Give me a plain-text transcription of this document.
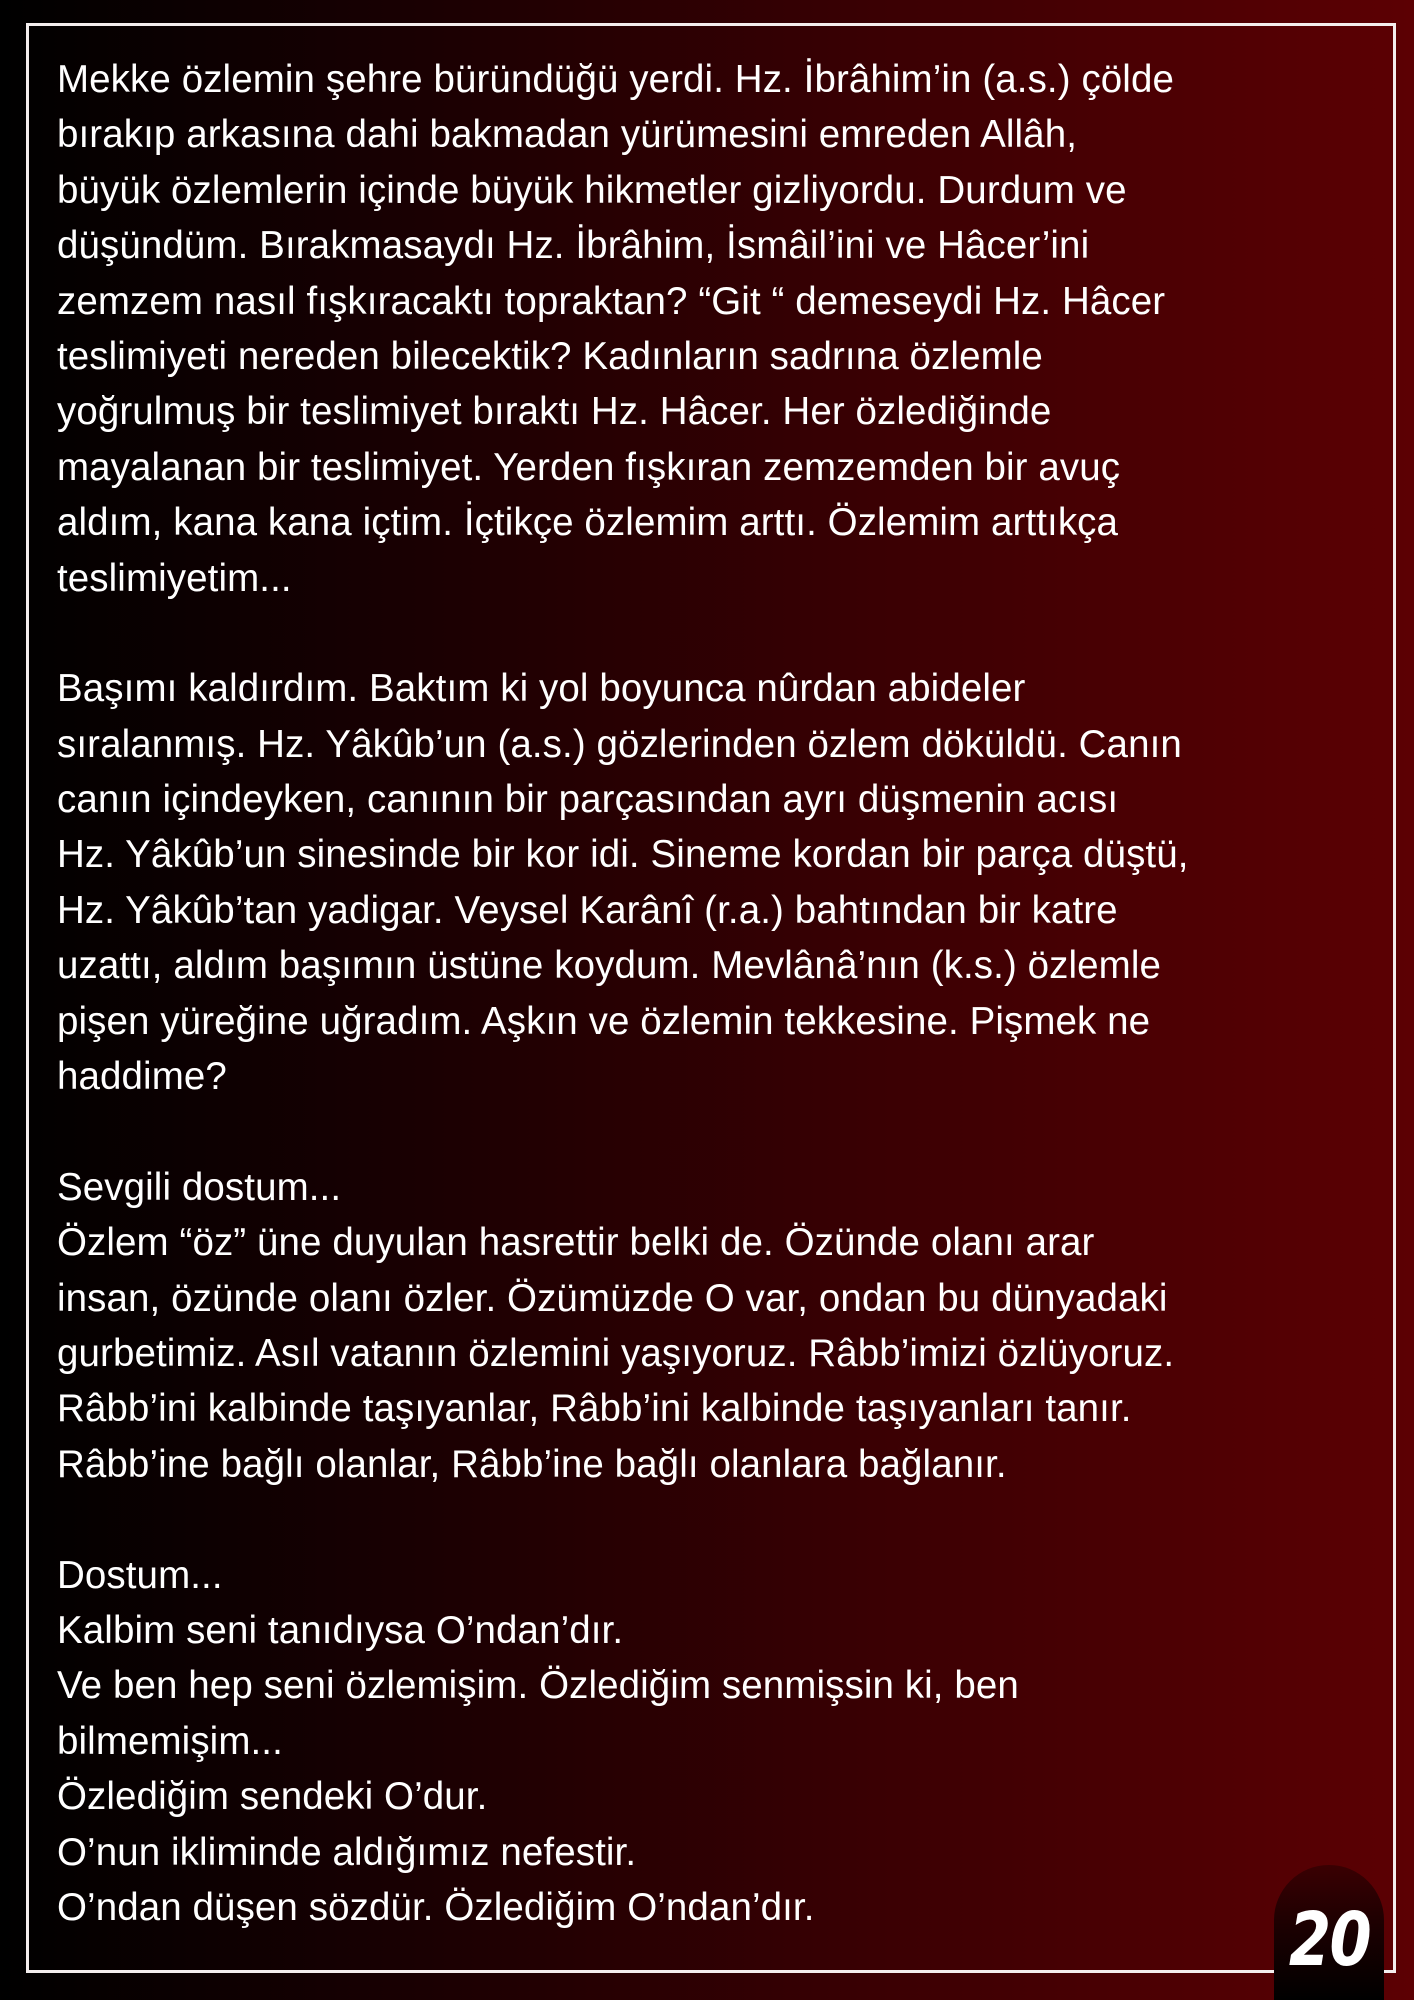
Mekke özlemin şehre büründüğü yerdi. Hz. İbrâhim’in (a.s.) çölde
bırakıp arkasına dahi bakmadan yürümesini emreden Allâh,
büyük özlemlerin içinde büyük hikmetler gizliyordu. Durdum ve
düşündüm. Bırakmasaydı Hz. İbrâhim, İsmâil’ini ve Hâcer’ini
zemzem nasıl fışkıracaktı topraktan? “Git “ demeseydi Hz. Hâcer
teslimiyeti nereden bilecektik? Kadınların sadrına özlemle
yoğrulmuş bir teslimiyet bıraktı Hz. Hâcer. Her özlediğinde
mayalanan bir teslimiyet. Yerden fışkıran zemzemden bir avuç
aldım, kana kana içtim. İçtikçe özlemim arttı. Özlemim arttıkça
teslimiyetim...
Başımı kaldırdım. Baktım ki yol boyunca nûrdan abideler
sıralanmış. Hz. Yâkûb’un (a.s.) gözlerinden özlem döküldü. Canın
canın içindeyken, canının bir parçasından ayrı düşmenin acısı
Hz. Yâkûb’un sinesinde bir kor idi. Sineme kordan bir parça düştü,
Hz. Yâkûb’tan yadigar. Veysel Karânî (r.a.) bahtından bir katre
uzattı, aldım başımın üstüne koydum. Mevlânâ’nın (k.s.) özlemle
pişen yüreğine uğradım. Aşkın ve özlemin tekkesine. Pişmek ne
haddime?
Sevgili dostum...
Özlem “öz” üne duyulan hasrettir belki de. Özünde olanı arar
insan, özünde olanı özler. Özümüzde O var, ondan bu dünyadaki
gurbetimiz. Asıl vatanın özlemini yaşıyoruz. Râbb’imizi özlüyoruz.
Râbb’ini kalbinde taşıyanlar, Râbb’ini kalbinde taşıyanları tanır.
Râbb’ine bağlı olanlar, Râbb’ine bağlı olanlara bağlanır.
Dostum...
Kalbim seni tanıdıysa O’ndan’dır.
Ve ben hep seni özlemişim. Özlediğim senmişsin ki, ben
bilmemişim...
Özlediğim sendeki O’dur.
O’nun ikliminde aldığımız nefestir.
O’ndan düşen sözdür. Özlediğim O’ndan’dır.	20
